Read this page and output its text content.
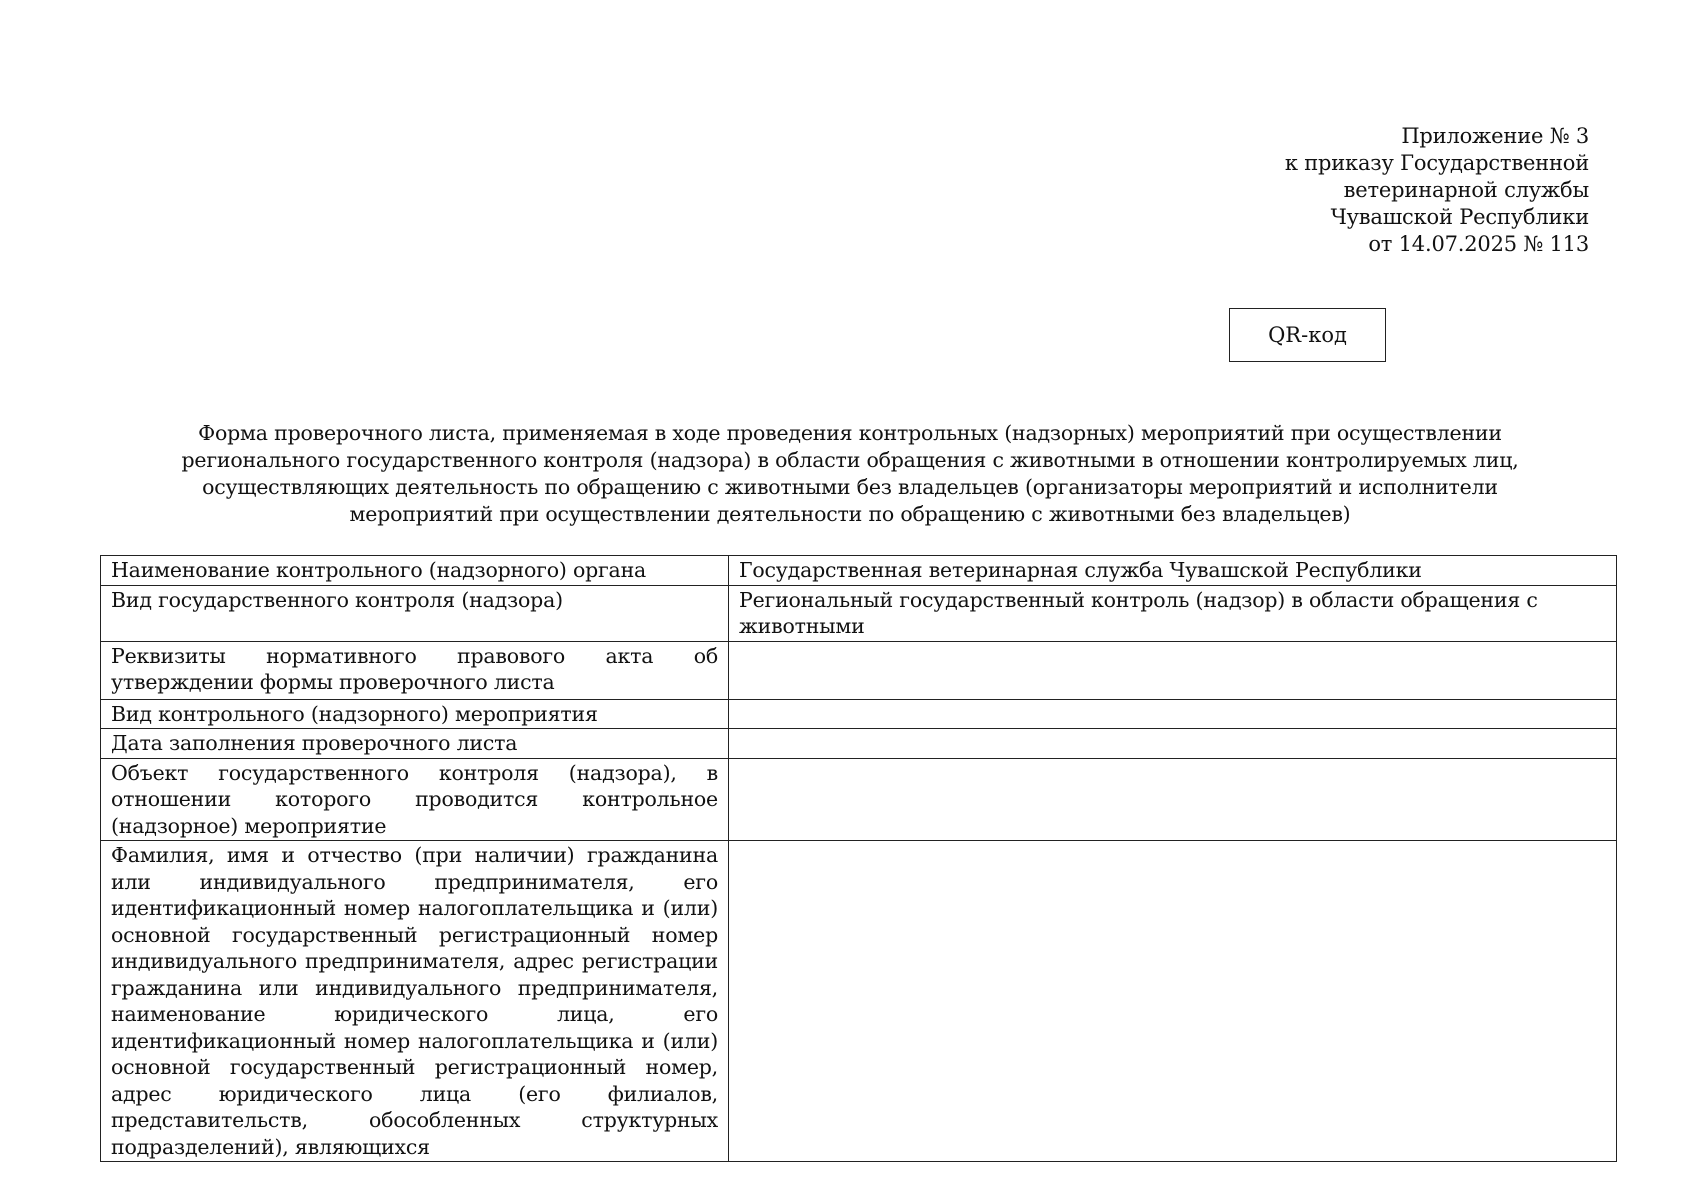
Приложение № 3
к приказу Государственной
ветеринарной службы
Чувашской Республики
от 14.07.2025 № 113
QR-код
Форма проверочного листа, применяемая в ходе проведения контрольных (надзорных) мероприятий при осуществлении регионального государственного контроля (надзора) в области обращения с животными в отношении контролируемых лиц, осуществляющих деятельность по обращению с животными без владельцев (организаторы мероприятий и исполнители мероприятий при осуществлении деятельности по обращению с животными без владельцев)
Наименование контрольного (надзорного) органа	Государственная ветеринарная служба Чувашской Республики
Вид государственного контроля (надзора)	Региональный государственный контроль (надзор) в области обращения с животными
Реквизиты нормативного правового акта об утверждении формы проверочного листа	
Вид контрольного (надзорного) мероприятия	
Дата заполнения проверочного листа	
Объект государственного контроля (надзора), в отношении которого проводится контрольное (надзорное) мероприятие	
Фамилия, имя и отчество (при наличии) гражданина или индивидуального предпринимателя, его идентификационный номер налогоплательщика и (или) основной государственный регистрационный номер индивидуального предпринимателя, адрес регистрации гражданина или индивидуального предпринимателя, наименование юридического лица, его идентификационный номер налогоплательщика и (или) основной государственный регистрационный номер, адрес юридического лица (его филиалов, представительств, обособленных структурных подразделений), являющихся	
